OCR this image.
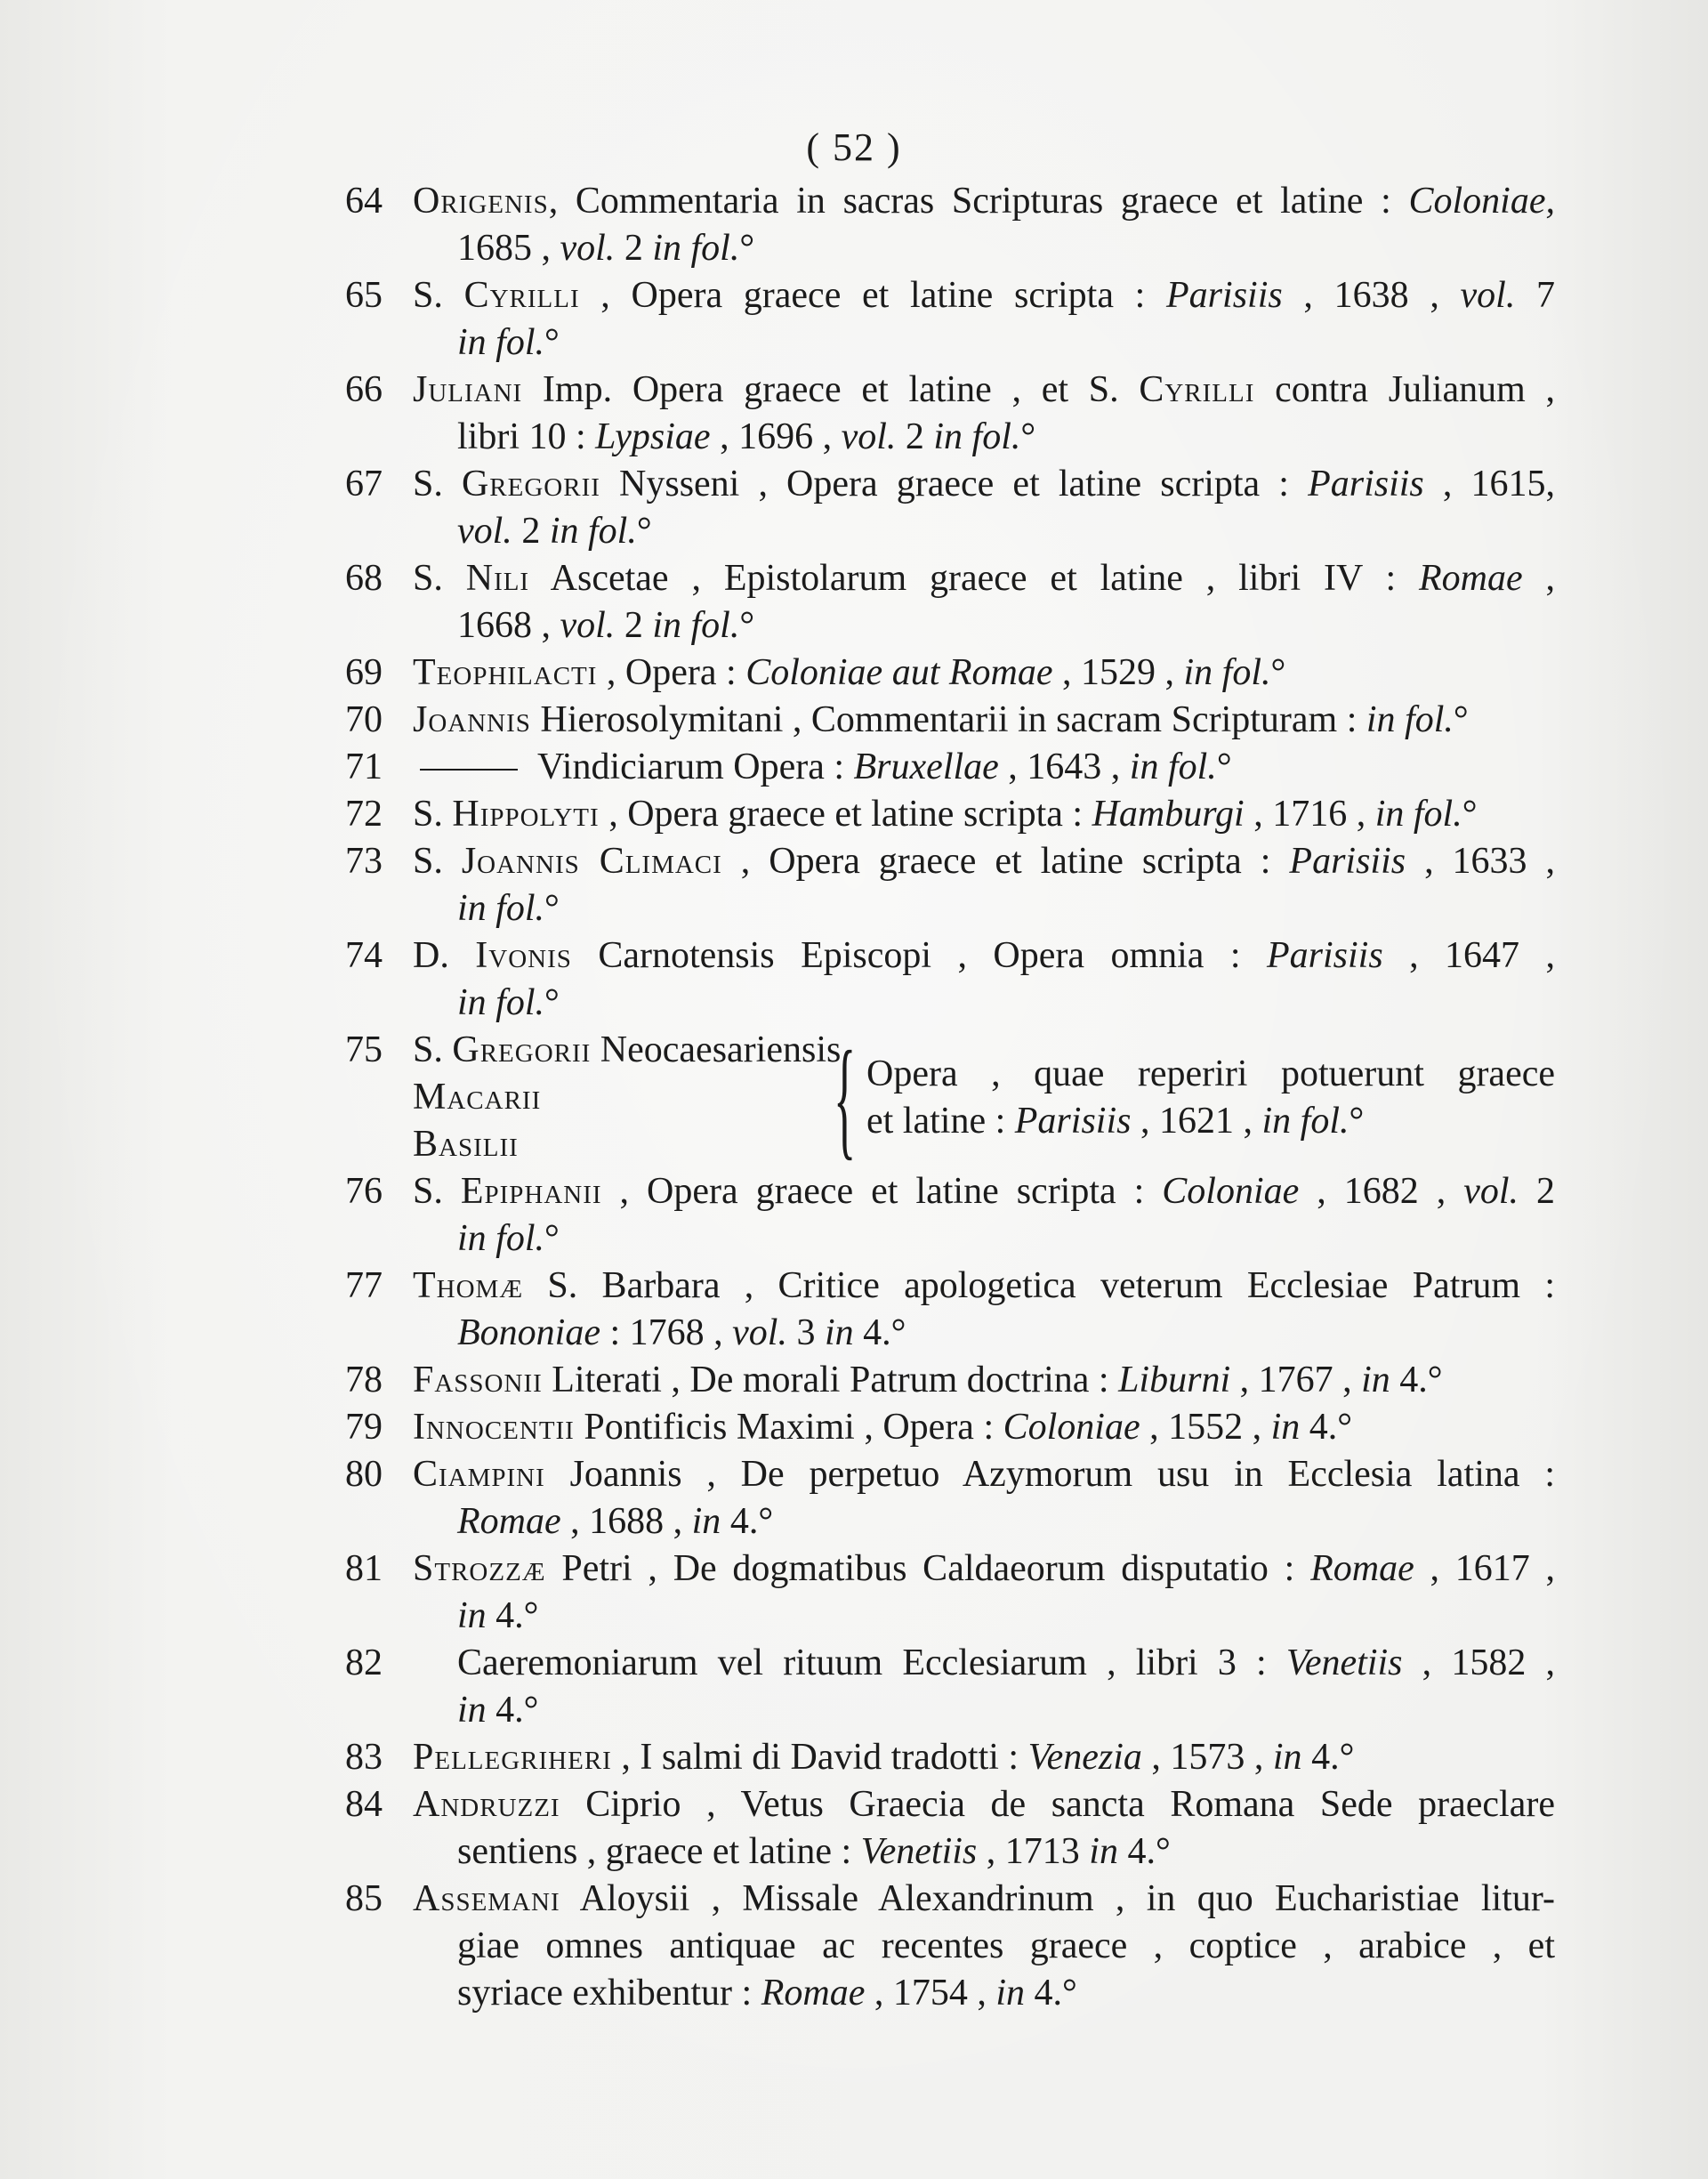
( 52 )
64 Origenis, Commentaria in sacras Scripturas graece et latine : Coloniae,
1685 , vol. 2 in fol.°
65 S. Cyrilli , Opera graece et latine scripta : Parisiis , 1638 , vol. 7
in fol.°
66 Juliani Imp. Opera graece et latine , et S. Cyrilli contra Julianum ,
libri 10 : Lypsiae , 1696 , vol. 2 in fol.°
67 S. Gregorii Nysseni , Opera graece et latine scripta : Parisiis , 1615,
vol. 2 in fol.°
68 S. Nili Ascetae , Epistolarum graece et latine , libri IV : Romae ,
1668 , vol. 2 in fol.°
69 Teophilacti , Opera : Coloniae aut Romae , 1529 , in fol.°
70 Joannis Hierosolymitani , Commentarii in sacram Scripturam : in fol.°
71	Vindiciarum Opera : Bruxellae , 1643 , in fol.°
72 S. Hippolyti , Opera graece et latine scripta : Hamburgi , 1716 , in fol.°
73 S. Joannis Climaci , Opera graece et latine scripta : Parisiis , 1633 ,
in fol.°
74 D. Ivonis Carnotensis Episcopi , Opera omnia : Parisiis , 1647 ,
in fol.°
75 S. Gregorii Neocaesariensis
Macarii
Basilii	{ Opera , quae reperiri potuerunt graece
et latine : Parisiis , 1621 , in fol.°
76 S. Epiphanii , Opera graece et latine scripta : Coloniae , 1682 , vol. 2
in fol.°
77 Thomæ S. Barbara , Critice apologetica veterum Ecclesiae Patrum :
Bononiae : 1768 , vol. 3 in 4.°
78 Fassonii Literati , De morali Patrum doctrina : Liburni , 1767 , in 4.°
79 Innocentii Pontificis Maximi , Opera : Coloniae , 1552 , in 4.°
80 Ciampini Joannis , De perpetuo Azymorum usu in Ecclesia latina :
Romae , 1688 , in 4.°
81 Strozzæ Petri , De dogmatibus Caldaeorum disputatio : Romae , 1617 ,
in 4.°
82	Caeremoniarum vel rituum Ecclesiarum , libri 3 : Venetiis , 1582 ,
in 4.°
83 Pellegriheri , I salmi di David tradotti : Venezia , 1573 , in 4.°
84 Andruzzi Ciprio , Vetus Graecia de sancta Romana Sede praeclare
sentiens , graece et latine : Venetiis , 1713 in 4.°
85 Assemani Aloysii , Missale Alexandrinum , in quo Eucharistiae litur-
giae omnes antiquae ac recentes graece , coptice , arabice , et
syriace exhibentur : Romae , 1754 , in 4.°
